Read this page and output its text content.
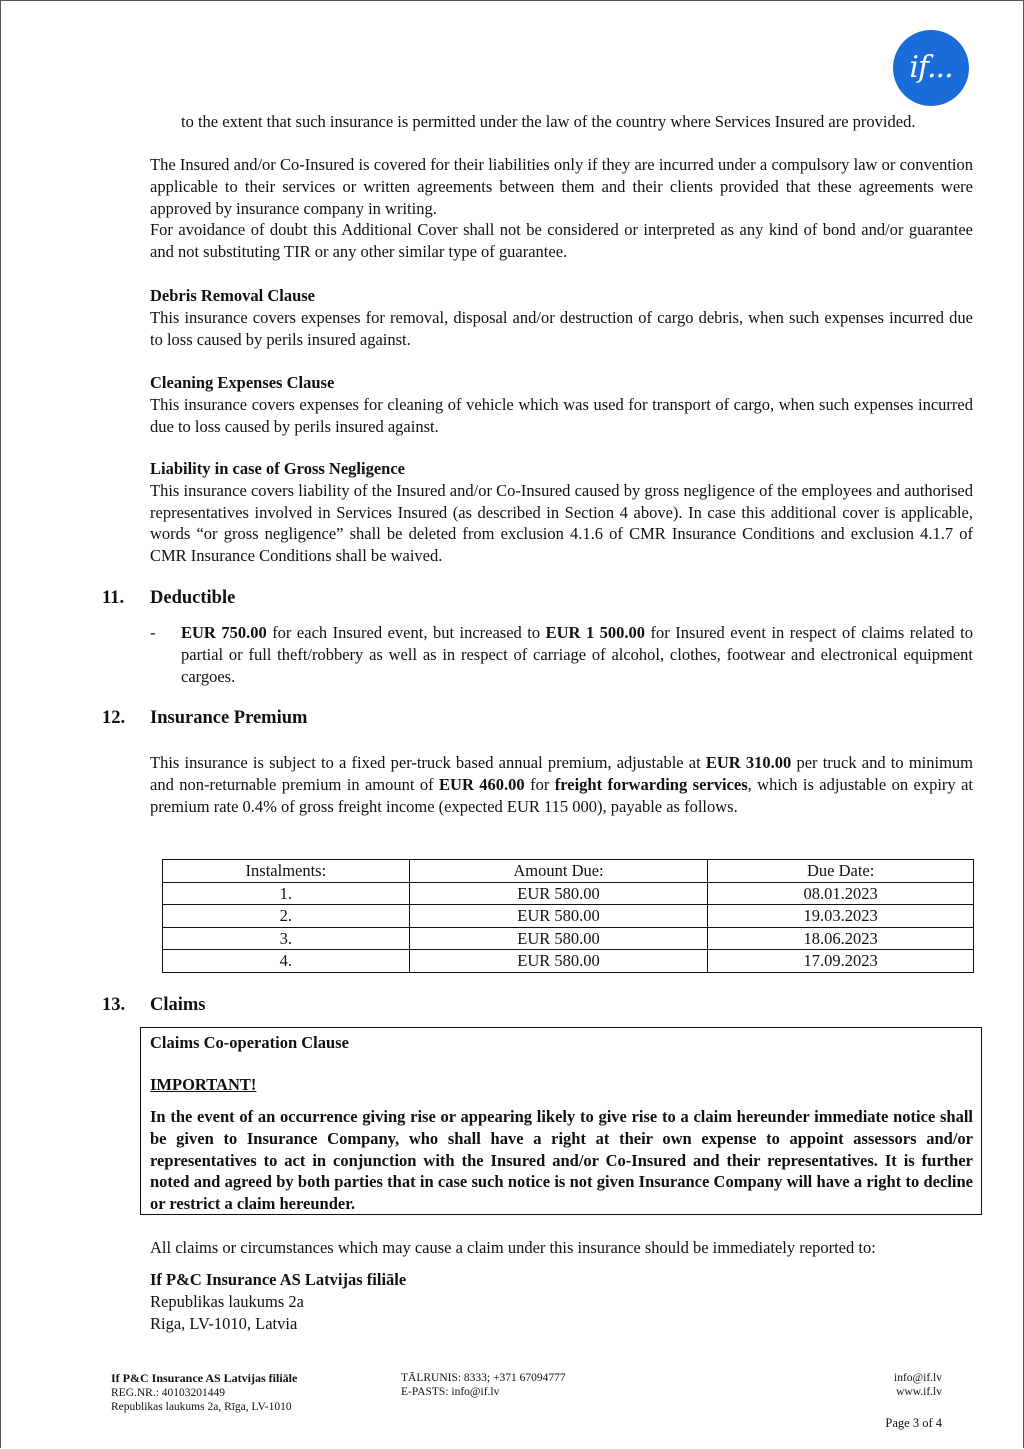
if...

to the extent that such insurance is permitted under the law of the country where Services Insured are provided.

The Insured and/or Co-Insured is covered for their liabilities only if they are incurred under a compulsory law or convention applicable to their services or written agreements between them and their clients provided that these agreements were approved by insurance company in writing.

For avoidance of doubt this Additional Cover shall not be considered or interpreted as any kind of bond and/or guarantee and not substituting TIR or any other similar type of guarantee.

Debris Removal Clause

This insurance covers expenses for removal, disposal and/or destruction of cargo debris, when such expenses incurred due to loss caused by perils insured against.

Cleaning Expenses Clause

This insurance covers expenses for cleaning of vehicle which was used for transport of cargo, when such expenses incurred due to loss caused by perils insured against.

Liability in case of Gross Negligence

This insurance covers liability of the Insured and/or Co-Insured caused by gross negligence of the employees and authorised representatives involved in Services Insured (as described in Section 4 above). In case this additional cover is applicable, words “or gross negligence” shall be deleted from exclusion 4.1.6 of CMR Insurance Conditions and exclusion 4.1.7 of CMR Insurance Conditions shall be waived.

11. Deductible
- EUR 750.00 for each Insured event, but increased to EUR 1 500.00 for Insured event in respect of claims related to partial or full theft/robbery as well as in respect of carriage of alcohol, clothes, footwear and electronical equipment cargoes.

12. Insurance Premium

This insurance is subject to a fixed per-truck based annual premium, adjustable at EUR 310.00 per truck and to minimum and non-returnable premium in amount of EUR 460.00 for freight forwarding services, which is adjustable on expiry at premium rate 0.4% of gross freight income (expected EUR 115 000), payable as follows.

Instalments:	Amount Due:	Due Date:
1.	EUR 580.00	08.01.2023
2.	EUR 580.00	19.03.2023
3.	EUR 580.00	18.06.2023
4.	EUR 580.00	17.09.2023
13. Claims
Claims Co-operation Clause
IMPORTANT!
In the event of an occurrence giving rise or appearing likely to give rise to a claim hereunder immediate notice shall be given to Insurance Company, who shall have a right at their own expense to appoint assessors and/or representatives to act in conjunction with the Insured and/or Co-Insured and their representatives. It is further noted and agreed by both parties that in case such notice is not given Insurance Company will have a right to decline or restrict a claim hereunder.

All claims or circumstances which may cause a claim under this insurance should be immediately reported to:

If P&C Insurance AS Latvijas filiāle

Republikas laukums 2a

Riga, LV-1010, Latvia

If P&C Insurance AS Latvijas filiāle
REG.NR.: 40103201449
Republikas laukums 2a, Rīga, LV-1010
TĀLRUNIS: 8333; +371 67094777
E-PASTS: info@if.lv
info@if.lv
www.if.lv
Page 3 of 4
